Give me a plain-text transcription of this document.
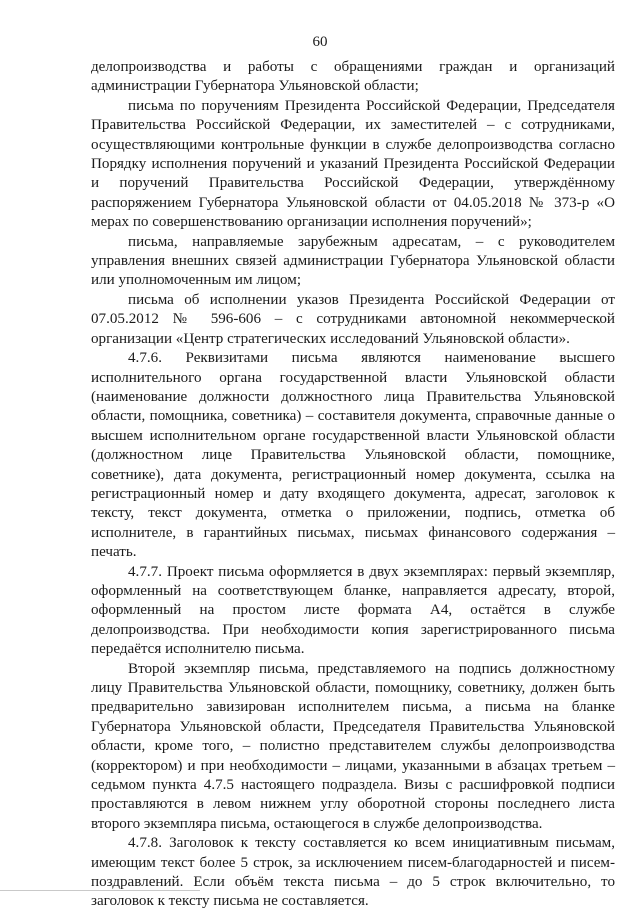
60

делопроизводства и работы с обращениями граждан и организаций администрации Губернатора Ульяновской области;

письма по поручениям Президента Российской Федерации, Председателя Правительства Российской Федерации, их заместителей – с сотрудниками, осуществляющими контрольные функции в службе делопроизводства согласно Порядку исполнения поручений и указаний Президента Российской Федерации и поручений Правительства Российской Федерации, утверждённому распоряжением Губернатора Ульяновской области от 04.05.2018 № 373-р «О мерах по совершенствованию организации исполнения поручений»;

письма, направляемые зарубежным адресатам, – с руководителем управления внешних связей администрации Губернатора Ульяновской области или уполномоченным им лицом;

письма об исполнении указов Президента Российской Федерации от 07.05.2012 № 596-606 – с сотрудниками автономной некоммерческой организации «Центр стратегических исследований Ульяновской области».

4.7.6. Реквизитами письма являются наименование высшего исполнительного органа государственной власти Ульяновской области (наименование должности должностного лица Правительства Ульяновской области, помощника, советника) – составителя документа, справочные данные о высшем исполнительном органе государственной власти Ульяновской области (должностном лице Правительства Ульяновской области, помощнике, советнике), дата документа, регистрационный номер документа, ссылка на регистрационный номер и дату входящего документа, адресат, заголовок к тексту, текст документа, отметка о приложении, подпись, отметка об исполнителе, в гарантийных письмах, письмах финансового содержания – печать.

4.7.7. Проект письма оформляется в двух экземплярах: первый экземпляр, оформленный на соответствующем бланке, направляется адресату, второй, оформленный на простом листе формата А4, остаётся в службе делопроизводства. При необходимости копия зарегистрированного письма передаётся исполнителю письма.

Второй экземпляр письма, представляемого на подпись должностному лицу Правительства Ульяновской области, помощнику, советнику, должен быть предварительно завизирован исполнителем письма, а письма на бланке Губернатора Ульяновской области, Председателя Правительства Ульяновской области, кроме того, – полистно представителем службы делопроизводства (корректором) и при необходимости – лицами, указанными в абзацах третьем – седьмом пункта 4.7.5 настоящего подраздела. Визы с расшифровкой подписи проставляются в левом нижнем углу оборотной стороны последнего листа второго экземпляра письма, остающегося в службе делопроизводства.

4.7.8. Заголовок к тексту составляется ко всем инициативным письмам, имеющим текст более 5 строк, за исключением писем-благодарностей и писем-поздравлений. Если объём текста письма – до 5 строк включительно, то заголовок к тексту письма не составляется.
